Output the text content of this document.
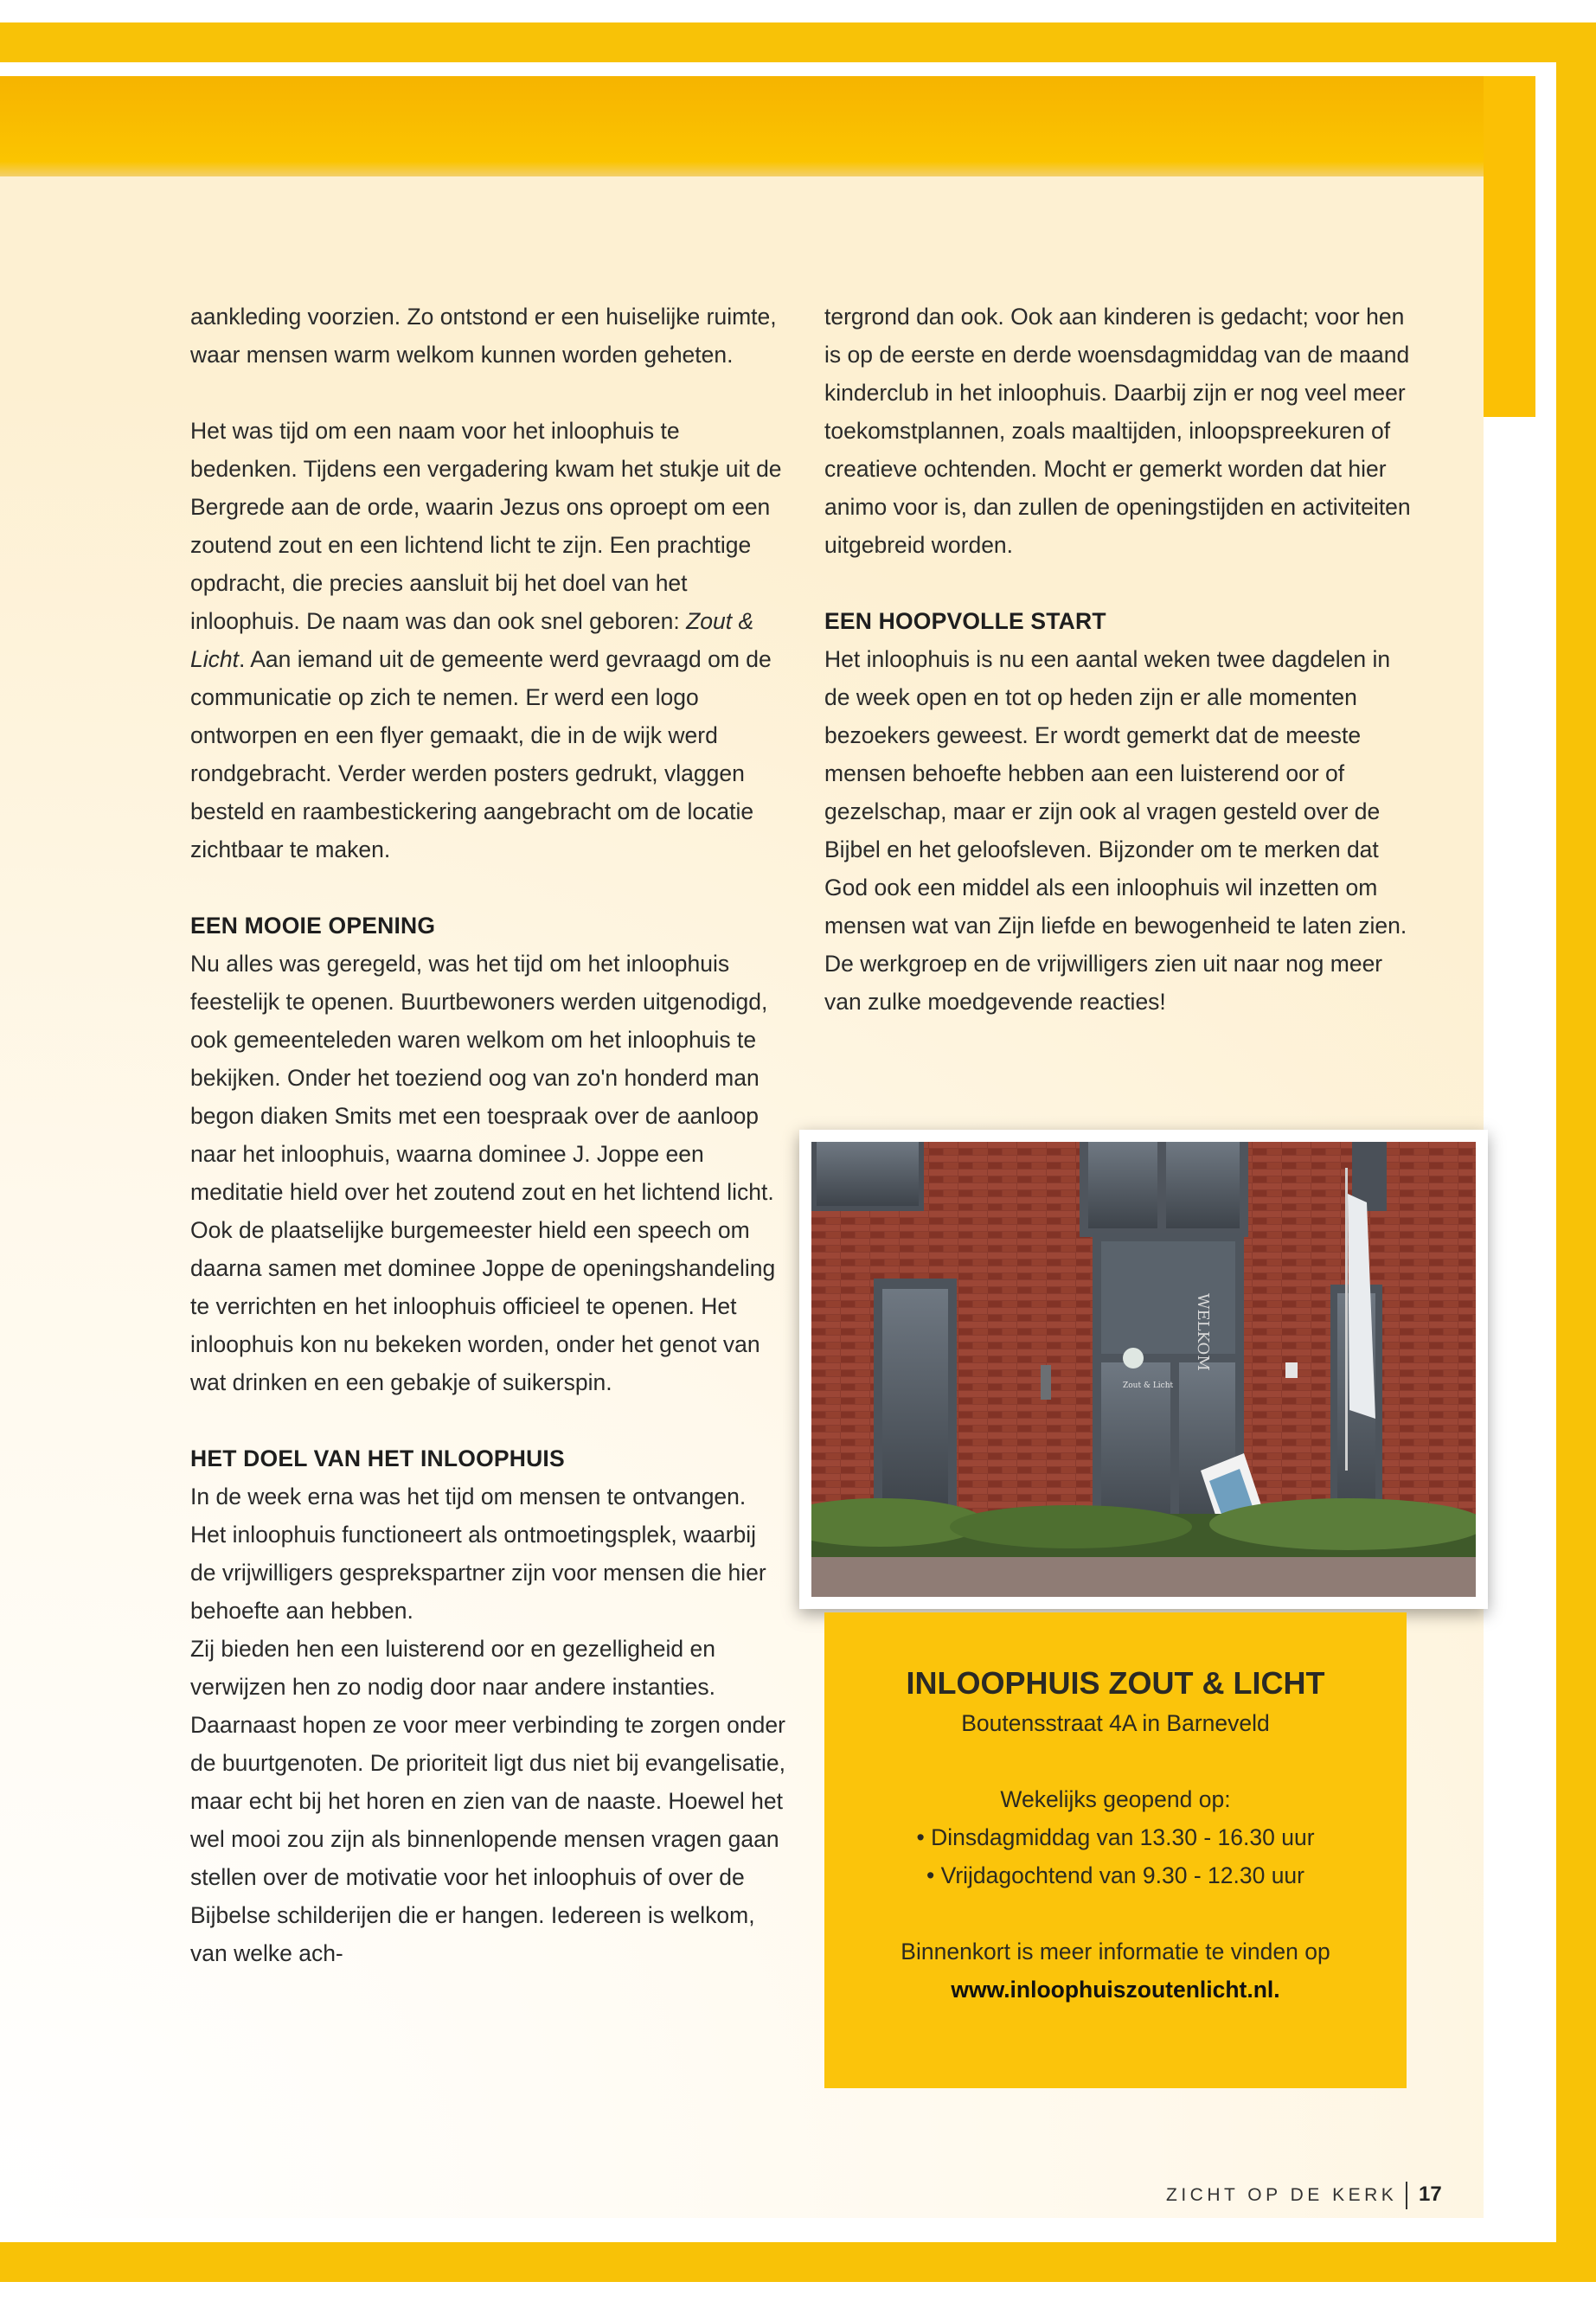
aankleding voorzien. Zo ontstond er een huiselijke ruimte, waar mensen warm welkom kunnen worden geheten.

Het was tijd om een naam voor het inloophuis te bedenken. Tijdens een vergadering kwam het stukje uit de Bergrede aan de orde, waarin Jezus ons oproept om een zoutend zout en een lichtend licht te zijn. Een prachtige opdracht, die precies aansluit bij het doel van het inloophuis. De naam was dan ook snel geboren: Zout & Licht. Aan iemand uit de gemeente werd gevraagd om de communicatie op zich te nemen. Er werd een logo ontworpen en een flyer gemaakt, die in de wijk werd rondgebracht. Verder werden posters gedrukt, vlaggen besteld en raambestickering aangebracht om de locatie zichtbaar te maken.

EEN MOOIE OPENING

Nu alles was geregeld, was het tijd om het inloophuis feestelijk te openen. Buurtbewoners werden uitgenodigd, ook gemeenteleden waren welkom om het inloophuis te bekijken. Onder het toeziend oog van zo'n honderd man begon diaken Smits met een toespraak over de aanloop naar het inloophuis, waarna dominee J. Joppe een meditatie hield over het zoutend zout en het lichtend licht. Ook de plaatselijke burgemeester hield een speech om daarna samen met dominee Joppe de openingshandeling te verrichten en het inloophuis officieel te openen. Het inloophuis kon nu bekeken worden, onder het genot van wat drinken en een gebakje of suikerspin.

HET DOEL VAN HET INLOOPHUIS

In de week erna was het tijd om mensen te ontvangen. Het inloophuis functioneert als ontmoetingsplek, waarbij de vrijwilligers gesprekspartner zijn voor mensen die hier behoefte aan hebben.

Zij bieden hen een luisterend oor en gezelligheid en verwijzen hen zo nodig door naar andere instanties. Daarnaast hopen ze voor meer verbinding te zorgen onder de buurtgenoten. De prioriteit ligt dus niet bij evangelisatie, maar echt bij het horen en zien van de naaste. Hoewel het wel mooi zou zijn als binnenlopende mensen vragen gaan stellen over de motivatie voor het inloophuis of over de Bijbelse schilderijen die er hangen. Iedereen is welkom, van welke ach-

tergrond dan ook. Ook aan kinderen is gedacht; voor hen is op de eerste en derde woensdagmiddag van de maand kinderclub in het inloophuis. Daarbij zijn er nog veel meer toekomstplannen, zoals maaltijden, inloopspreekuren of creatieve ochtenden. Mocht er gemerkt worden dat hier animo voor is, dan zullen de openingstijden en activiteiten uitgebreid worden.

EEN HOOPVOLLE START

Het inloophuis is nu een aantal weken twee dagdelen in de week open en tot op heden zijn er alle momenten bezoekers geweest. Er wordt gemerkt dat de meeste mensen behoefte hebben aan een luisterend oor of gezelschap, maar er zijn ook al vragen gesteld over de Bijbel en het geloofsleven. Bijzonder om te merken dat God ook een middel als een inloophuis wil inzetten om mensen wat van Zijn liefde en bewogenheid te laten zien. De werkgroep en de vrijwilligers zien uit naar nog meer van zulke moedgevende reacties!

Zout & Licht
WELKOM
INLOOPHUIS ZOUT & LICHT
Boutensstraat 4A in Barneveld
Wekelijks geopend op:
• Dinsdagmiddag van 13.30 - 16.30 uur
• Vrijdagochtend van 9.30 - 12.30 uur
Binnenkort is meer informatie te vinden op
www.inloophuiszoutenlicht.nl.
ZICHT OP DE KERK 17
